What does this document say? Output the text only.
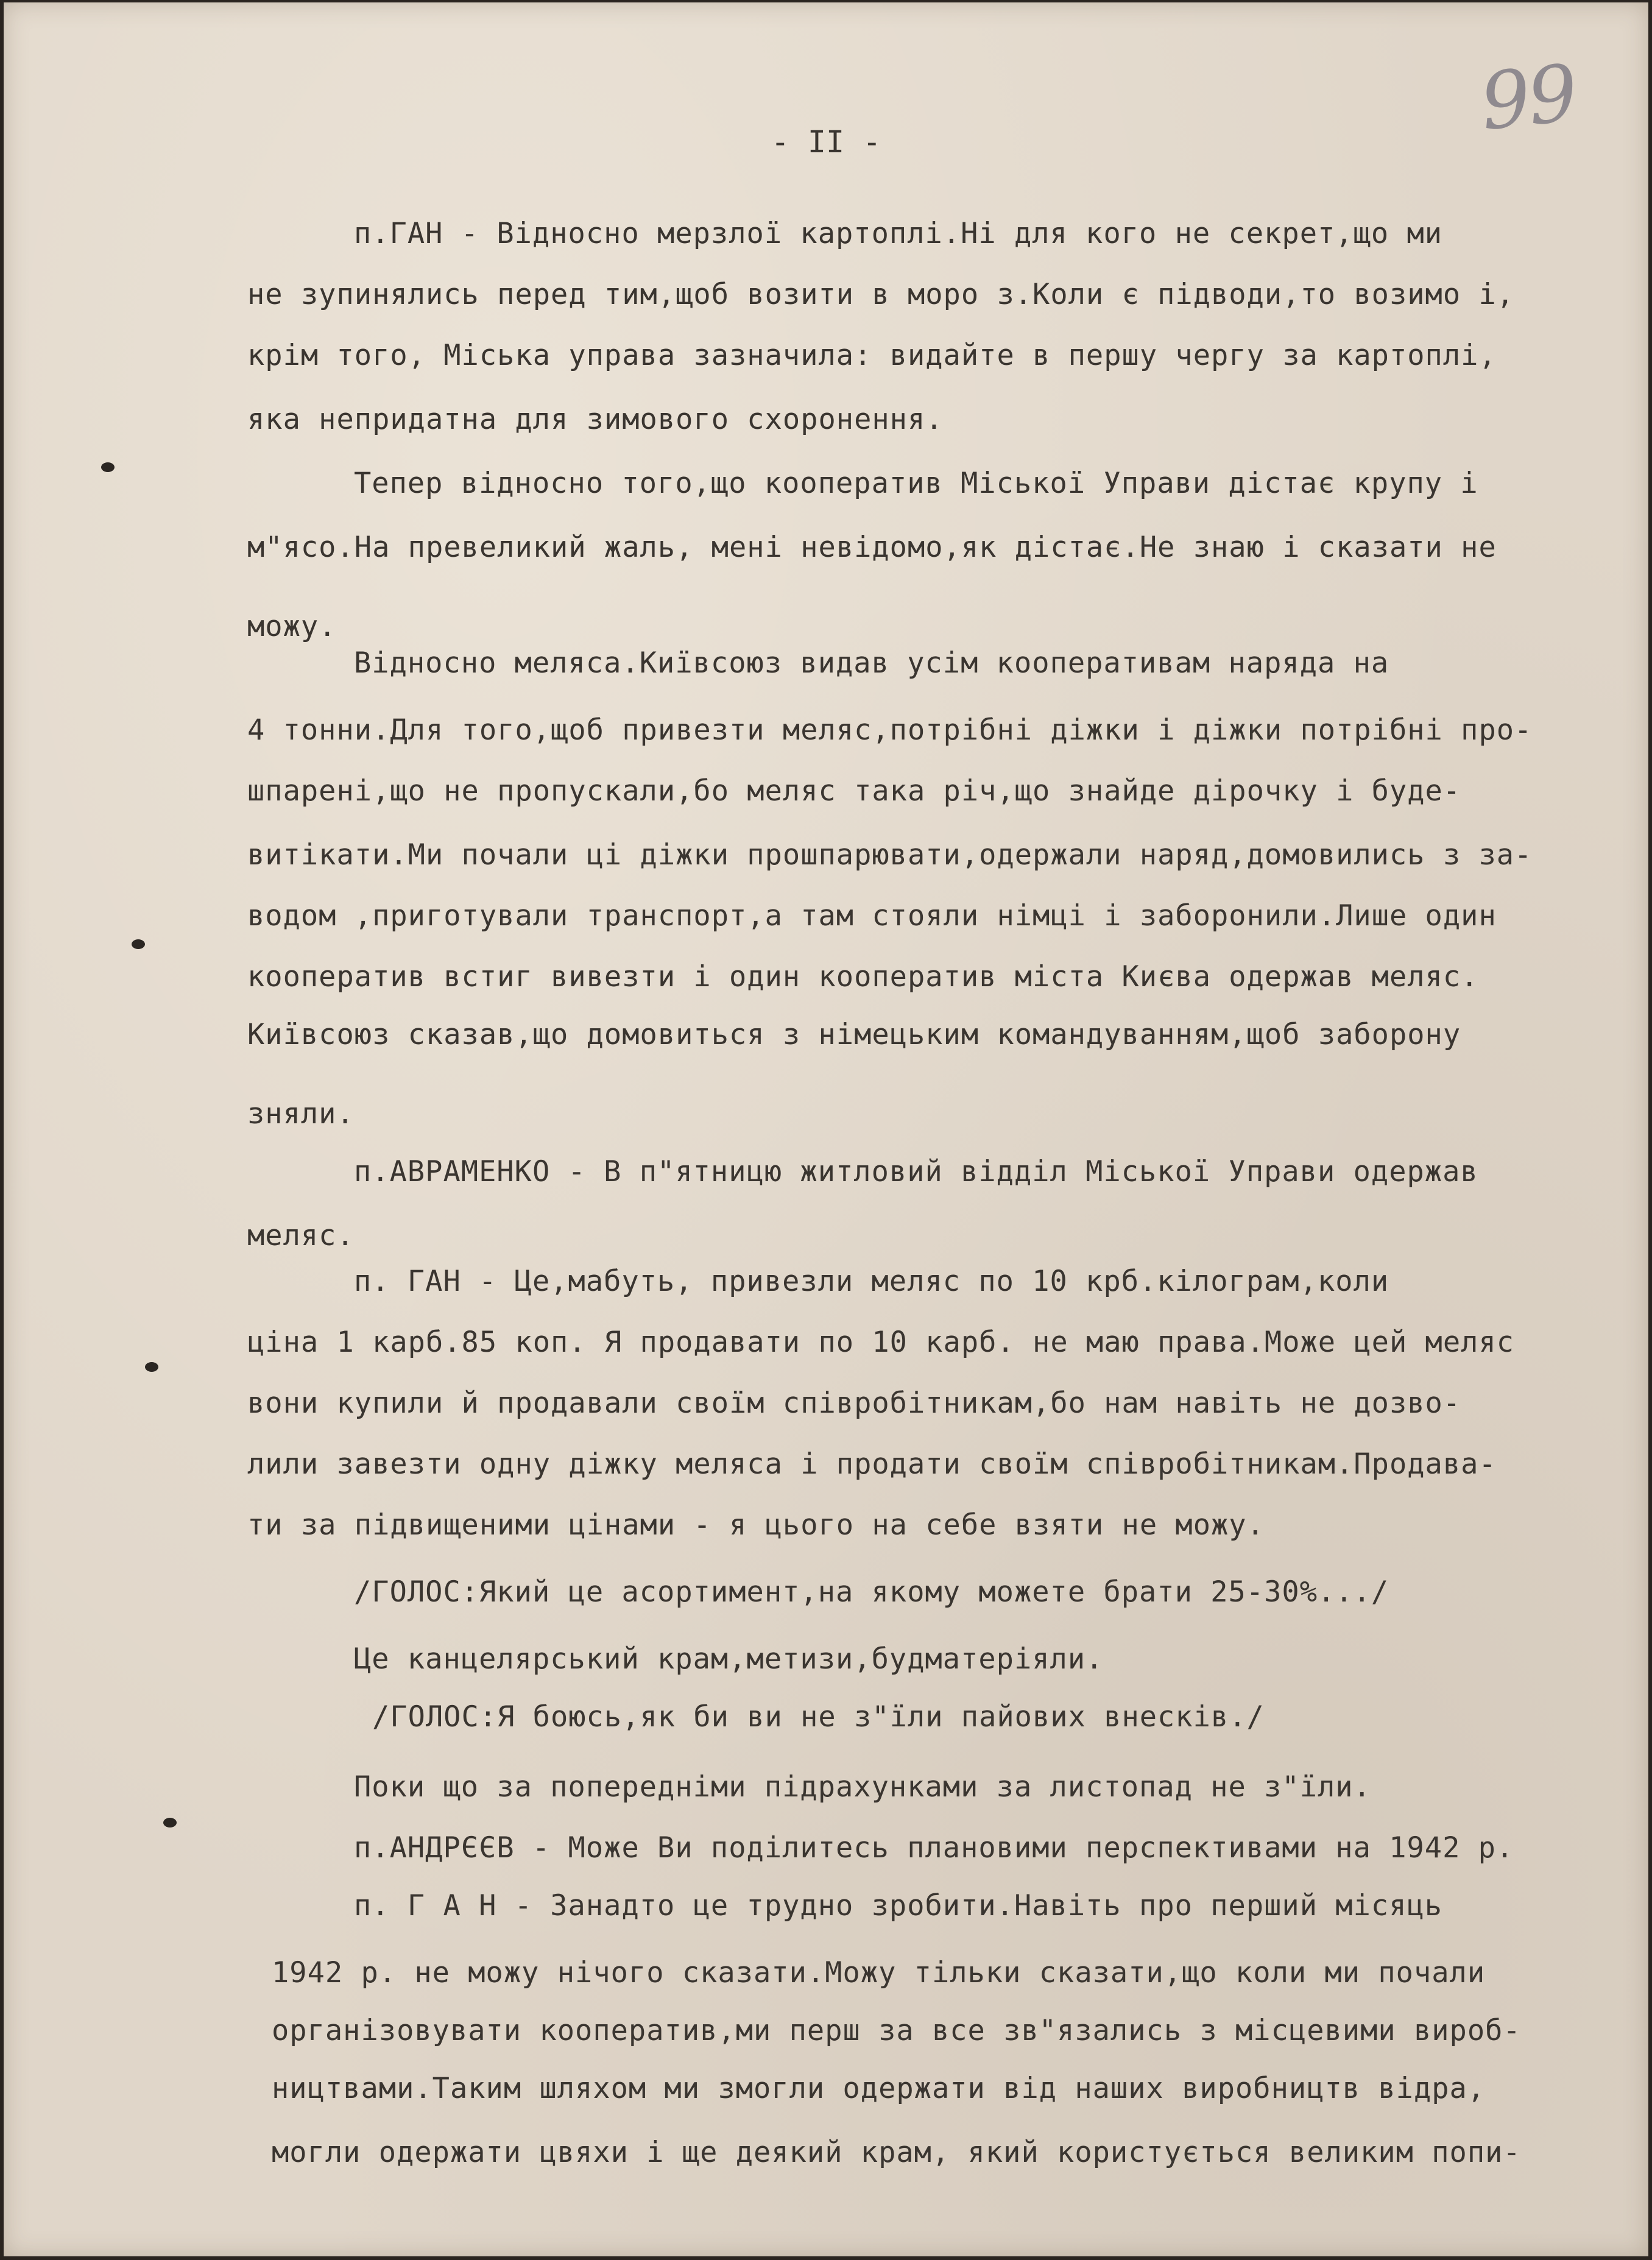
99
- II -
п.ГАН - Відносно мерзлої картоплі.Ні для кого не секрет,що ми
не зупинялись перед тим,щоб возити в моро з.Коли є підводи,то возимо і,
крім того, Міська управа зазначила: видайте в першу чергу за картоплі,
яка непридатна для зимового схоронення.
Тепер відносно того,що кооператив Міської Управи дістає крупу і
м"ясо.На превеликий жаль, мені невідомо,як дістає.Не знаю і сказати не
можу.
Відносно меляса.Київсоюз видав усім кооперативам наряда на
4 тонни.Для того,щоб привезти меляс,потрібні діжки і діжки потрібні про-
шпарені,що не пропускали,бо меляс така річ,що знайде дірочку і буде-
витікати.Ми почали ці діжки прошпарювати,одержали наряд,домовились з за-
водом ,приготували транспорт,а там стояли німці і заборонили.Лише один
кооператив встиг вивезти і один кооператив міста Києва одержав меляс.
Київсоюз сказав,що домовиться з німецьким командуванням,щоб заборону
зняли.
п.АВРАМЕНКО - В п"ятницю житловий відділ Міської Управи одержав
меляс.
п. ГАН - Це,мабуть, привезли меляс по 10 крб.кілограм,коли
ціна 1 карб.85 коп. Я продавати по 10 карб. не маю права.Може цей меляс
вони купили й продавали своїм співробітникам,бо нам навіть не дозво-
лили завезти одну діжку меляса і продати своїм співробітникам.Продава-
ти за підвищеними цінами - я цього на себе взяти не можу.
/ГОЛОС:Який це асортимент,на якому можете брати 25-30%.../
Це канцелярський крам,метизи,будматеріяли.
/ГОЛОС:Я боюсь,як би ви не з"їли пайових внесків./
Поки що за попередніми підрахунками за листопад не з"їли.
п.АНДРЄЄВ - Може Ви поділитесь плановими перспективами на 1942 р.
п. Г А Н - Занадто це трудно зробити.Навіть про перший місяць
1942 р. не можу нічого сказати.Можу тільки сказати,що коли ми почали
організовувати кооператив,ми перш за все зв"язались з місцевими вироб-
ництвами.Таким шляхом ми змогли одержати від наших виробництв відра,
могли одержати цвяхи і ще деякий крам, який користується великим попи-
